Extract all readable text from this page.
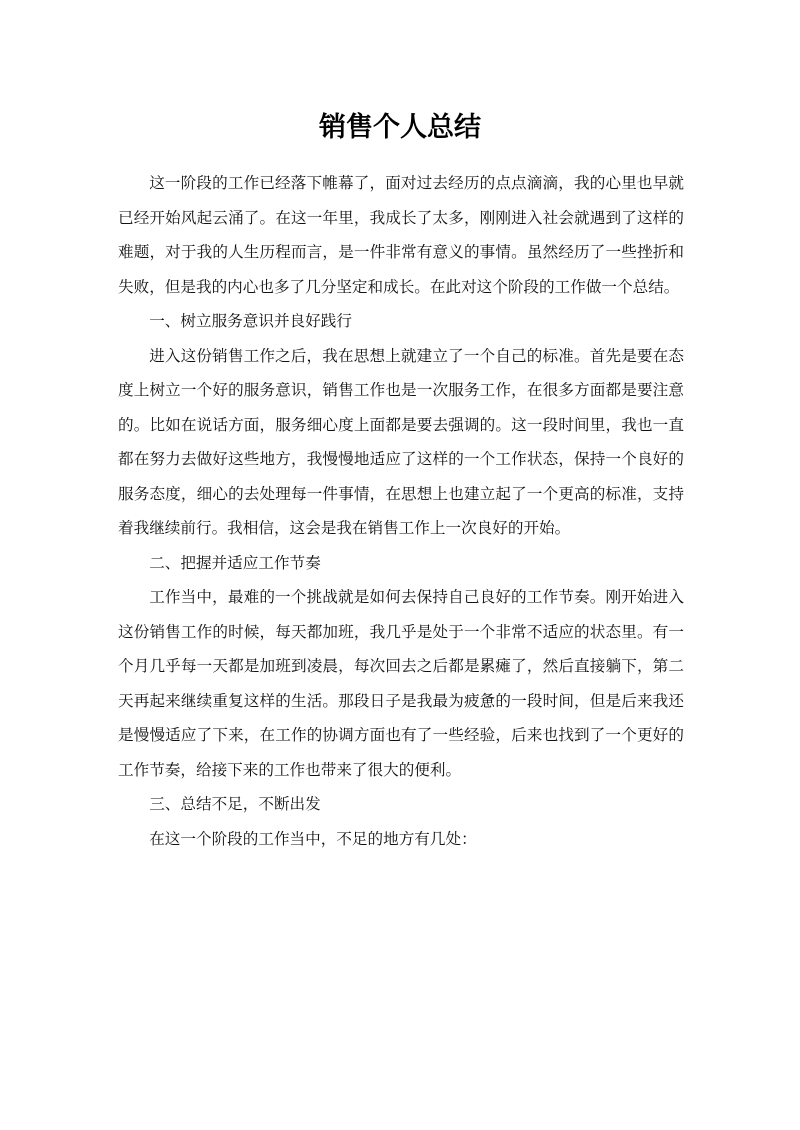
销售个人总结

这一阶段的工作已经落下帷幕了，面对过去经历的点点滴滴，我的心里也早就已经开始风起云涌了。在这一年里，我成长了太多，刚刚进入社会就遇到了这样的难题，对于我的人生历程而言，是一件非常有意义的事情。虽然经历了一些挫折和失败，但是我的内心也多了几分坚定和成长。在此对这个阶段的工作做一个总结。

一、树立服务意识并良好践行

进入这份销售工作之后，我在思想上就建立了一个自己的标准。首先是要在态度上树立一个好的服务意识，销售工作也是一次服务工作，在很多方面都是要注意的。比如在说话方面，服务细心度上面都是要去强调的。这一段时间里，我也一直都在努力去做好这些地方，我慢慢地适应了这样的一个工作状态，保持一个良好的服务态度，细心的去处理每一件事情，在思想上也建立起了一个更高的标准，支持着我继续前行。我相信，这会是我在销售工作上一次良好的开始。

二、把握并适应工作节奏

工作当中，最难的一个挑战就是如何去保持自己良好的工作节奏。刚开始进入这份销售工作的时候，每天都加班，我几乎是处于一个非常不适应的状态里。有一个月几乎每一天都是加班到凌晨，每次回去之后都是累瘫了，然后直接躺下，第二天再起来继续重复这样的生活。那段日子是我最为疲惫的一段时间，但是后来我还是慢慢适应了下来，在工作的协调方面也有了一些经验，后来也找到了一个更好的工作节奏，给接下来的工作也带来了很大的便利。

三、总结不足，不断出发

在这一个阶段的工作当中，不足的地方有几处：
